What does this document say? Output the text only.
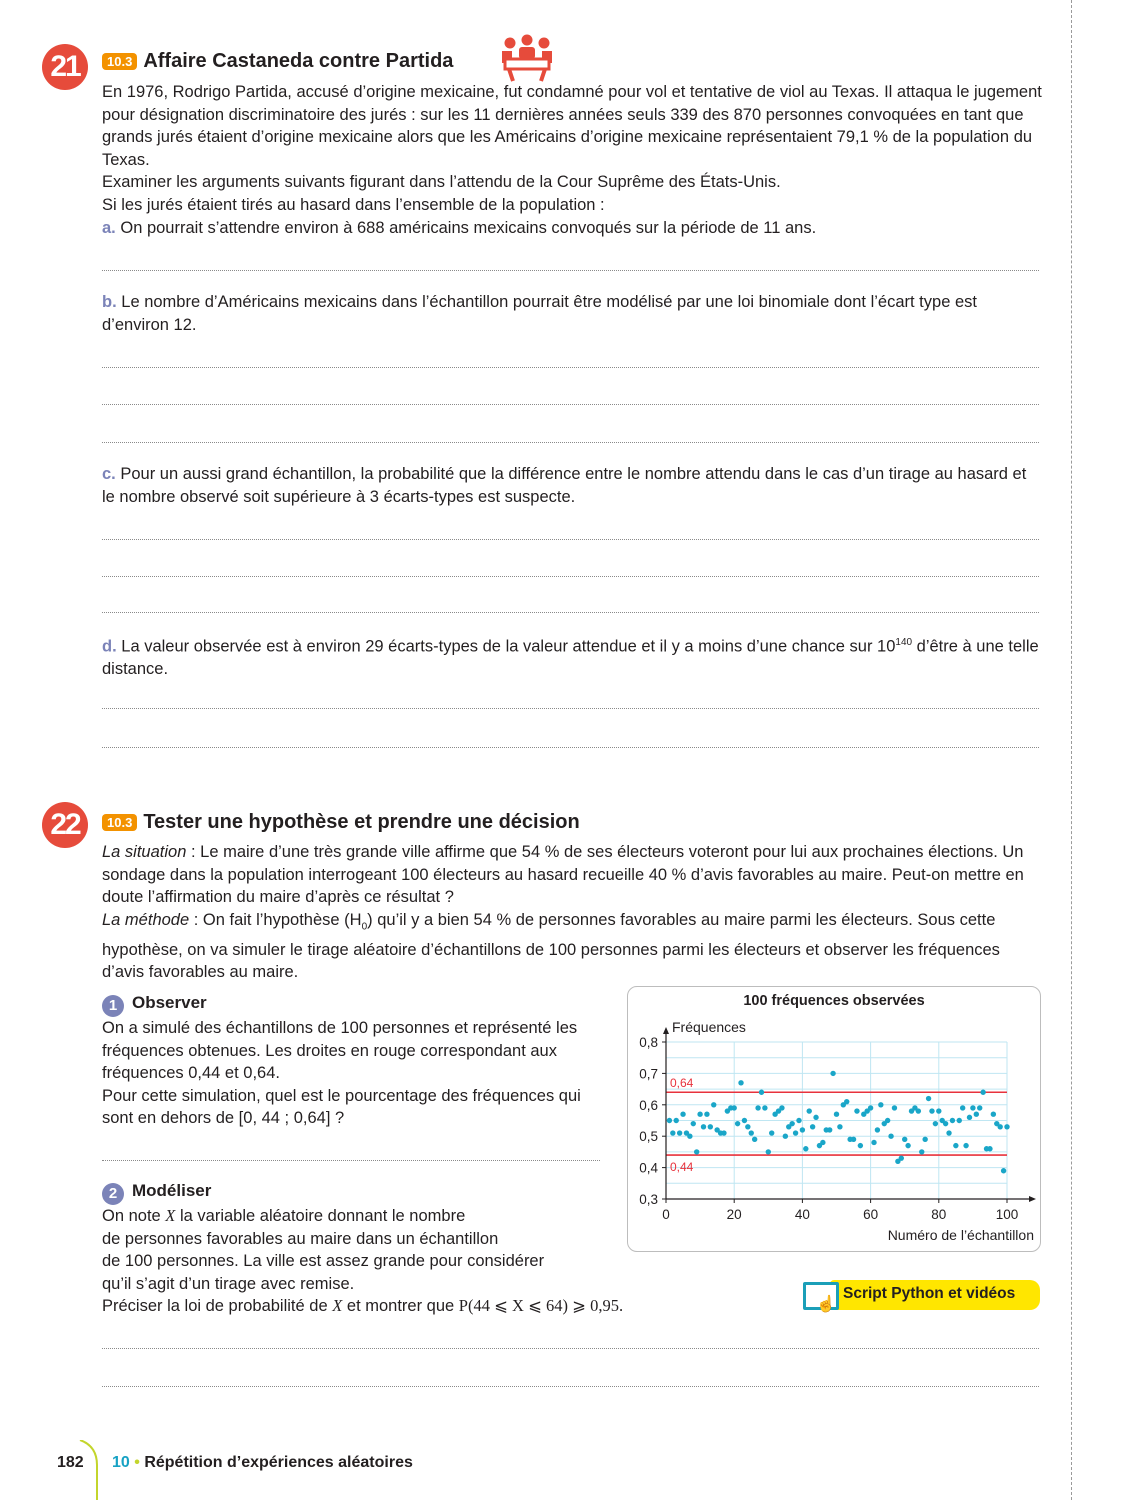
21	10.3 Affaire Castaneda contre Partida

En 1976, Rodrigo Partida, accusé d’origine mexicaine, fut condamné pour vol et tentative de viol au Texas. Il attaqua le jugement pour désignation discriminatoire des jurés : sur les 11 dernières années seuls 339 des 870 personnes convoquées en tant que grands jurés étaient d’origine mexicaine alors que les Américains d’origine mexicaine représentaient 79,1 % de la population du Texas.

Examiner les arguments suivants figurant dans l’attendu de la Cour Suprême des États-Unis.

Si les jurés étaient tirés au hasard dans l’ensemble de la population :

a. On pourrait s’attendre environ à 688 américains mexicains convoqués sur la période de 11 ans.

b. Le nombre d’Américains mexicains dans l’échantillon pourrait être modélisé par une loi binomiale dont l’écart type est d’environ 12.

c. Pour un aussi grand échantillon, la probabilité que la différence entre le nombre attendu dans le cas d’un tirage au hasard et le nombre observé soit supérieure à 3 écarts-types est suspecte.

d. La valeur observée est à environ 29 écarts-types de la valeur attendue et il y a moins d’une chance sur $10^{140}$ d’être à une telle distance.

22	10.3 Tester une hypothèse et prendre une décision

La situation : Le maire d’une très grande ville affirme que 54 % de ses électeurs voteront pour lui aux prochaines élections. Un sondage dans la population interrogeant 100 électeurs au hasard recueille 40 % d’avis favorables au maire. Peut-on mettre en doute l’affirmation du maire d’après ce résultat ?

La méthode : On fait l’hypothèse $(H_0)$ qu’il y a bien 54 % de personnes favorables au maire parmi les électeurs. Sous cette hypothèse, on va simuler le tirage aléatoire d’échantillons de 100 personnes parmi les électeurs et observer les fréquences d’avis favorables au maire.

1 Observer

On a simulé des échantillons de 100 personnes et représenté les fréquences obtenues. Les droites en rouge correspondant aux fréquences 0,44 et 0,64.

Pour cette simulation, quel est le pourcentage des fréquences qui sont en dehors de [0, 44 ; 0,64] ?

2 Modéliser

On note X la variable aléatoire donnant le nombre

de personnes favorables au maire dans un échantillon

de 100 personnes. La ville est assez grande pour considérer

qu’il s’agit d’un tirage avec remise.

Préciser la loi de probabilité de X et montrer que P(44 ⩽ X ⩽ 64) ⩾ 0,95.

100 fréquences observées
0,64
0,44
0,3
0,4
0,5
0,6
0,7
0,8
0	20	40	60	80	100
Fréquences
Numéro de l’échantillon
☝
Script Python et vidéos
182 10 • Répétition d’expériences aléatoires
